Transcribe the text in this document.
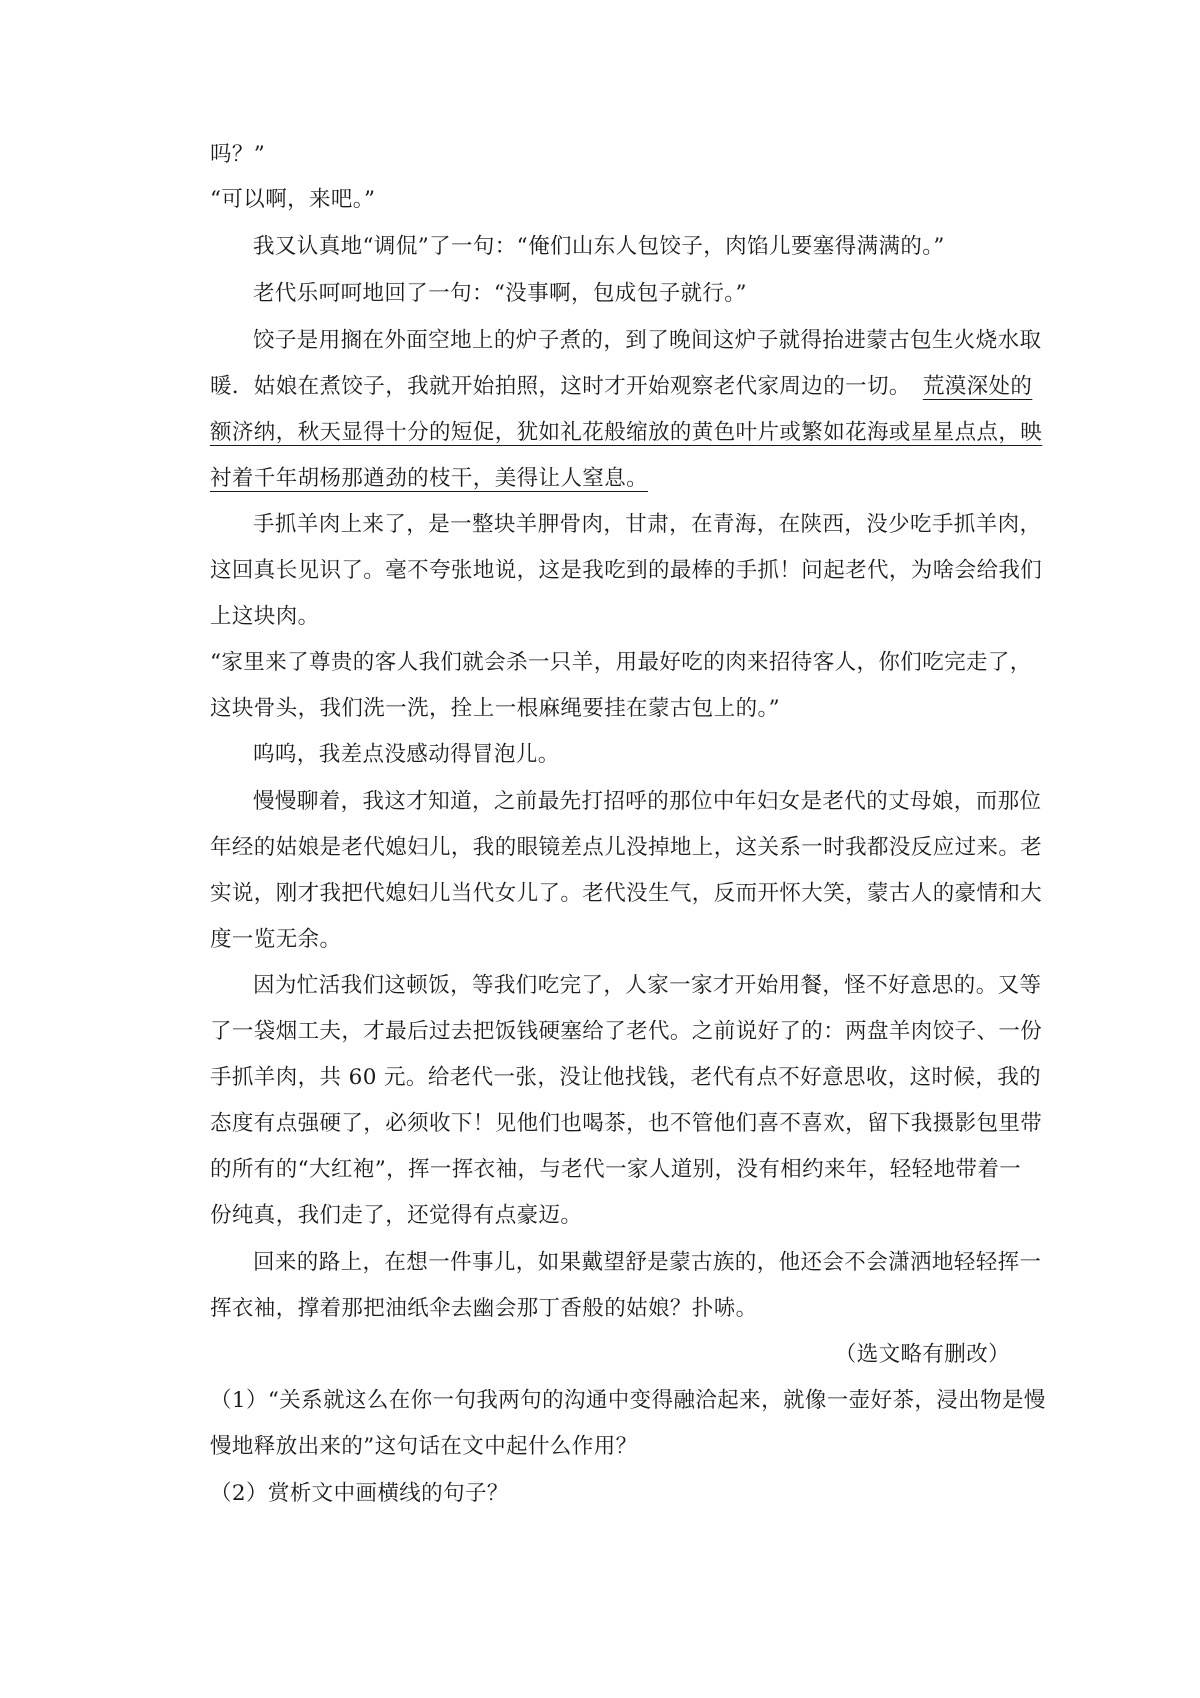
吗？”
“可以啊，来吧。”
我又认真地“调侃”了一句：“俺们山东人包饺子，肉馅儿要塞得满满的。”
老代乐呵呵地回了一句：“没事啊，包成包子就行。”
饺子是用搁在外面空地上的炉子煮的，到了晚间这炉子就得抬进蒙古包生火烧水取
暖．姑娘在煮饺子，我就开始拍照，这时才开始观察老代家周边的一切。 荒漠深处的
额济纳，秋天显得十分的短促，犹如礼花般缩放的黄色叶片或繁如花海或星星点点，映
衬着千年胡杨那遒劲的枝干，美得让人窒息。
手抓羊肉上来了，是一整块羊胛骨肉，甘肃，在青海，在陕西，没少吃手抓羊肉，
这回真长见识了。毫不夸张地说，这是我吃到的最棒的手抓！问起老代，为啥会给我们
上这块肉。
“家里来了尊贵的客人我们就会杀一只羊，用最好吃的肉来招待客人，你们吃完走了，
这块骨头，我们洗一洗，拴上一根麻绳要挂在蒙古包上的。”
呜呜，我差点没感动得冒泡儿。
慢慢聊着，我这才知道，之前最先打招呼的那位中年妇女是老代的丈母娘，而那位
年经的姑娘是老代媳妇儿，我的眼镜差点儿没掉地上，这关系一时我都没反应过来。老
实说，刚才我把代媳妇儿当代女儿了。老代没生气，反而开怀大笑，蒙古人的豪情和大
度一览无余。
因为忙活我们这顿饭，等我们吃完了，人家一家才开始用餐，怪不好意思的。又等
了一袋烟工夫，才最后过去把饭钱硬塞给了老代。之前说好了的：两盘羊肉饺子、一份
手抓羊肉，共 60 元。给老代一张，没让他找钱，老代有点不好意思收，这时候，我的
态度有点强硬了，必须收下！见他们也喝茶，也不管他们喜不喜欢，留下我摄影包里带
的所有的“大红袍”，挥一挥衣袖，与老代一家人道别，没有相约来年，轻轻地带着一
份纯真，我们走了，还觉得有点豪迈。
回来的路上，在想一件事儿，如果戴望舒是蒙古族的，他还会不会潇洒地轻轻挥一
挥衣袖，撑着那把油纸伞去幽会那丁香般的姑娘？扑哧。
（选文略有删改）
（1）“关系就这么在你一句我两句的沟通中变得融洽起来，就像一壶好茶，浸出物是慢
慢地释放出来的”这句话在文中起什么作用？
（2）赏析文中画横线的句子？
